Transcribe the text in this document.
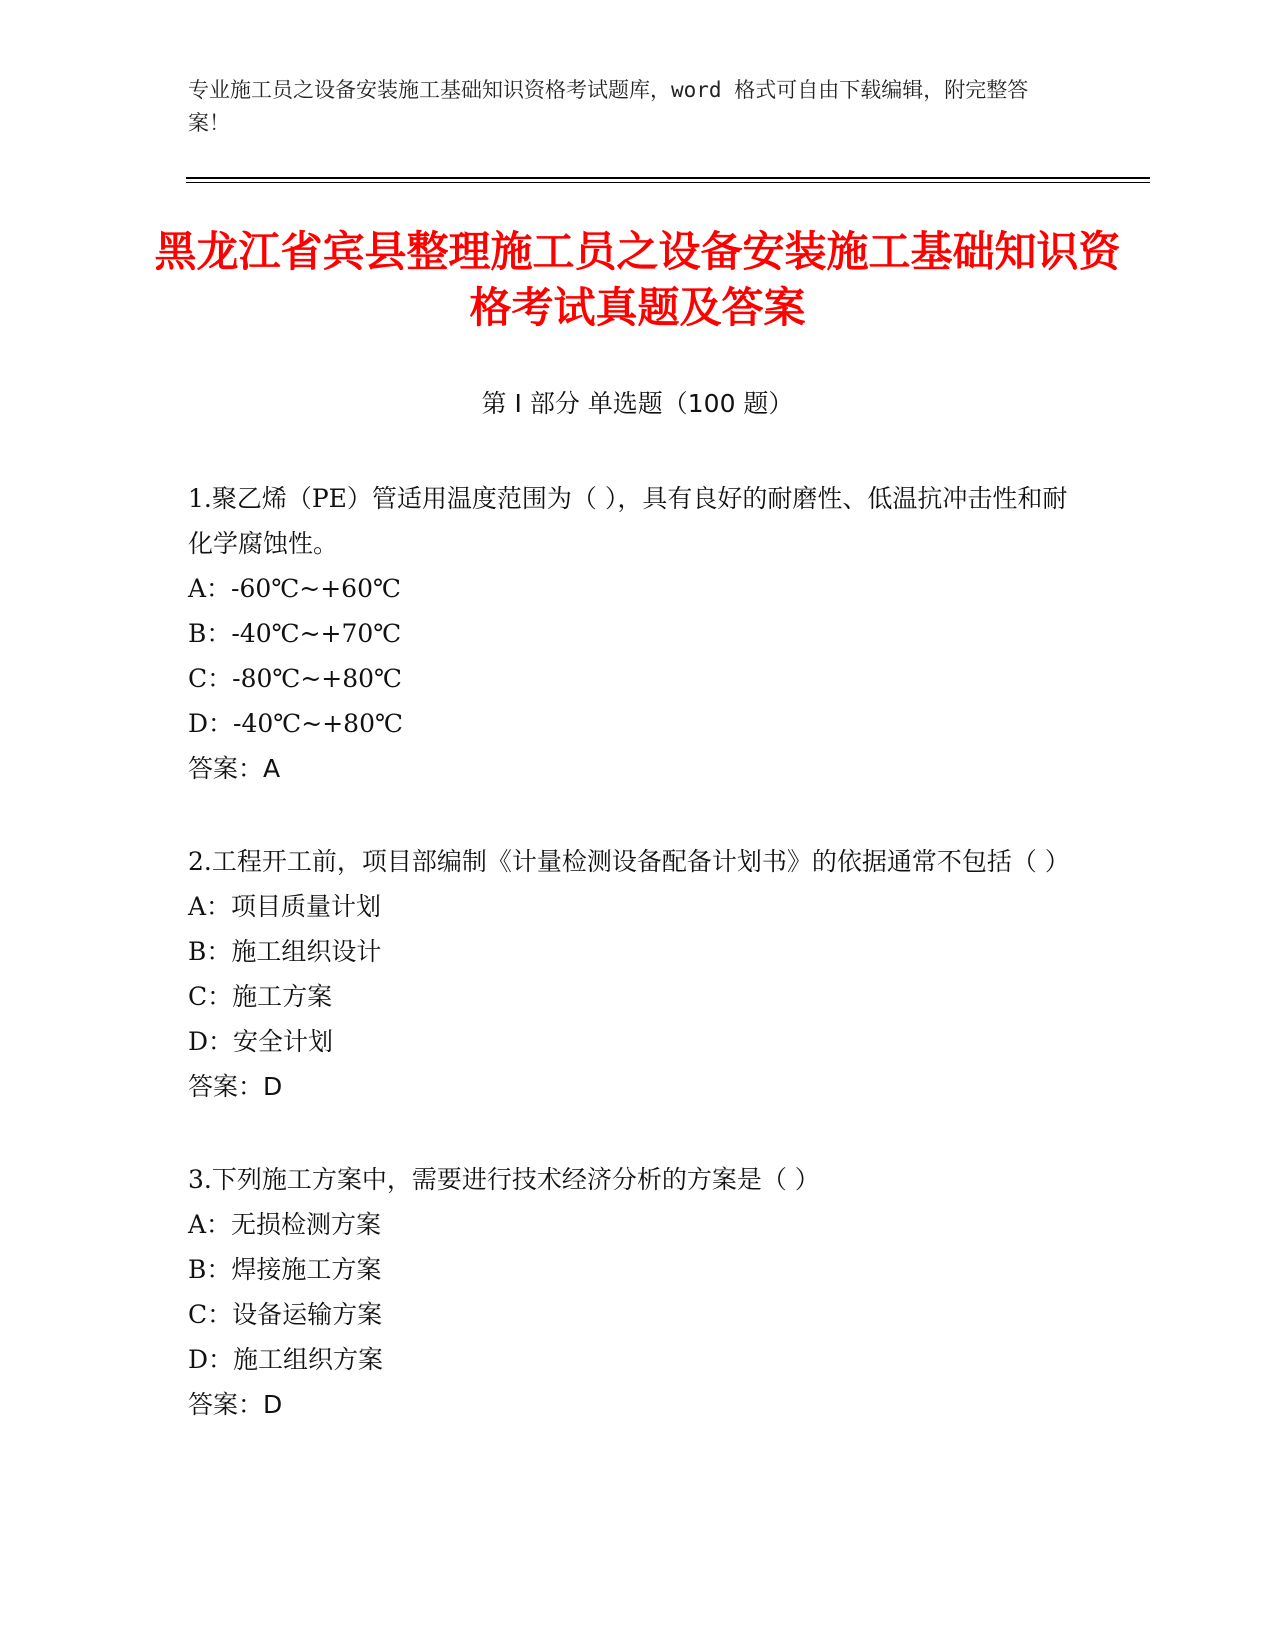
专业施工员之设备安装施工基础知识资格考试题库，word 格式可自由下载编辑，附完整答案！
黑龙江省宾县整理施工员之设备安装施工基础知识资格考试真题及答案
第 I 部分 单选题（100 题）

1.聚乙烯（PE）管适用温度范围为（ ），具有良好的耐磨性、低温抗冲击性和耐化学腐蚀性。

A：-60℃~+60℃

B：-40℃~+70℃

C：-80℃~+80℃

D：-40℃~+80℃

答案：A

2.工程开工前，项目部编制《计量检测设备配备计划书》的依据通常不包括（ ）

A：项目质量计划

B：施工组织设计

C：施工方案

D：安全计划

答案：D

3.下列施工方案中，需要进行技术经济分析的方案是（ ）

A：无损检测方案

B：焊接施工方案

C：设备运输方案

D：施工组织方案

答案：D
